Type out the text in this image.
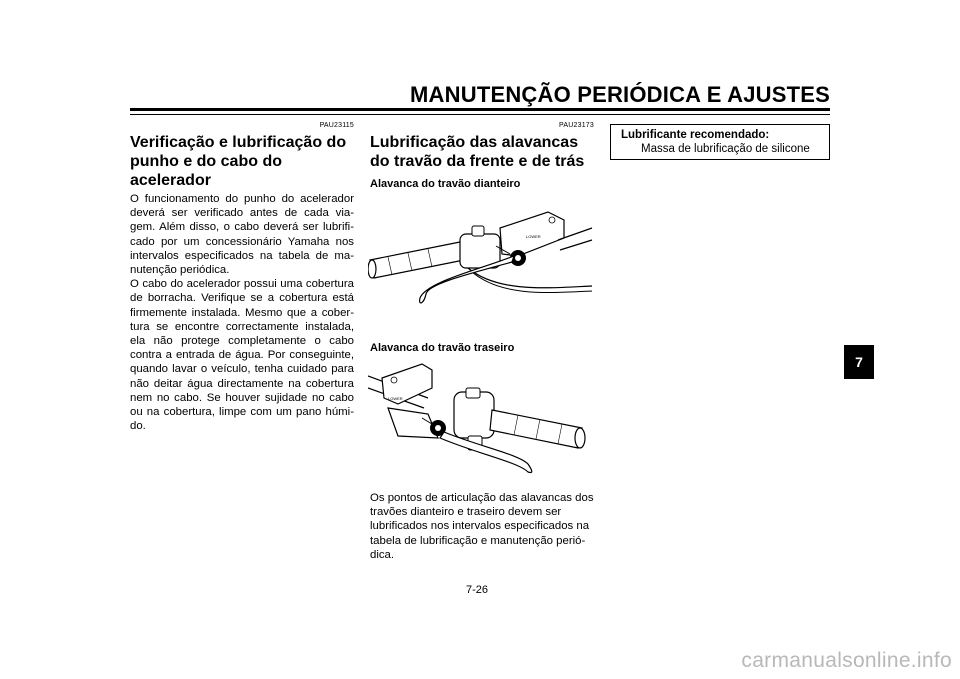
MANUTENÇÃO PERIÓDICA E AJUSTES
PAU23115
Verificação e lubrificação do punho e do cabo do acelerador

O funcionamento do punho do acelerador deverá ser verificado antes de cada via-gem. Além disso, o cabo deverá ser lubrifi-cado por um concessionário Yamaha nos intervalos especificados na tabela de ma-nutenção periódica.
O cabo do acelerador possui uma cobertura de borracha. Verifique se a cobertura está firmemente instalada. Mesmo que a cober-tura se encontre correctamente instalada, ela não protege completamente o cabo contra a entrada de água. Por conseguinte, quando lavar o veículo, tenha cuidado para não deitar água directamente na cobertura nem no cabo. Se houver sujidade no cabo ou na cobertura, limpe com um pano húmi-do.

PAU23173
Lubrificação das alavancas do travão da frente e de trás
Alavanca do travão dianteiro
LOWER
Alavanca do travão traseiro
LOWER

Os pontos de articulação das alavancas dos travões dianteiro e traseiro devem ser lubrificados nos intervalos especificados na tabela de lubrificação e manutenção perió-dica.

Lubrificante recomendado:
Massa de lubrificação de silicone
7
7-26
carmanualsonline.info
